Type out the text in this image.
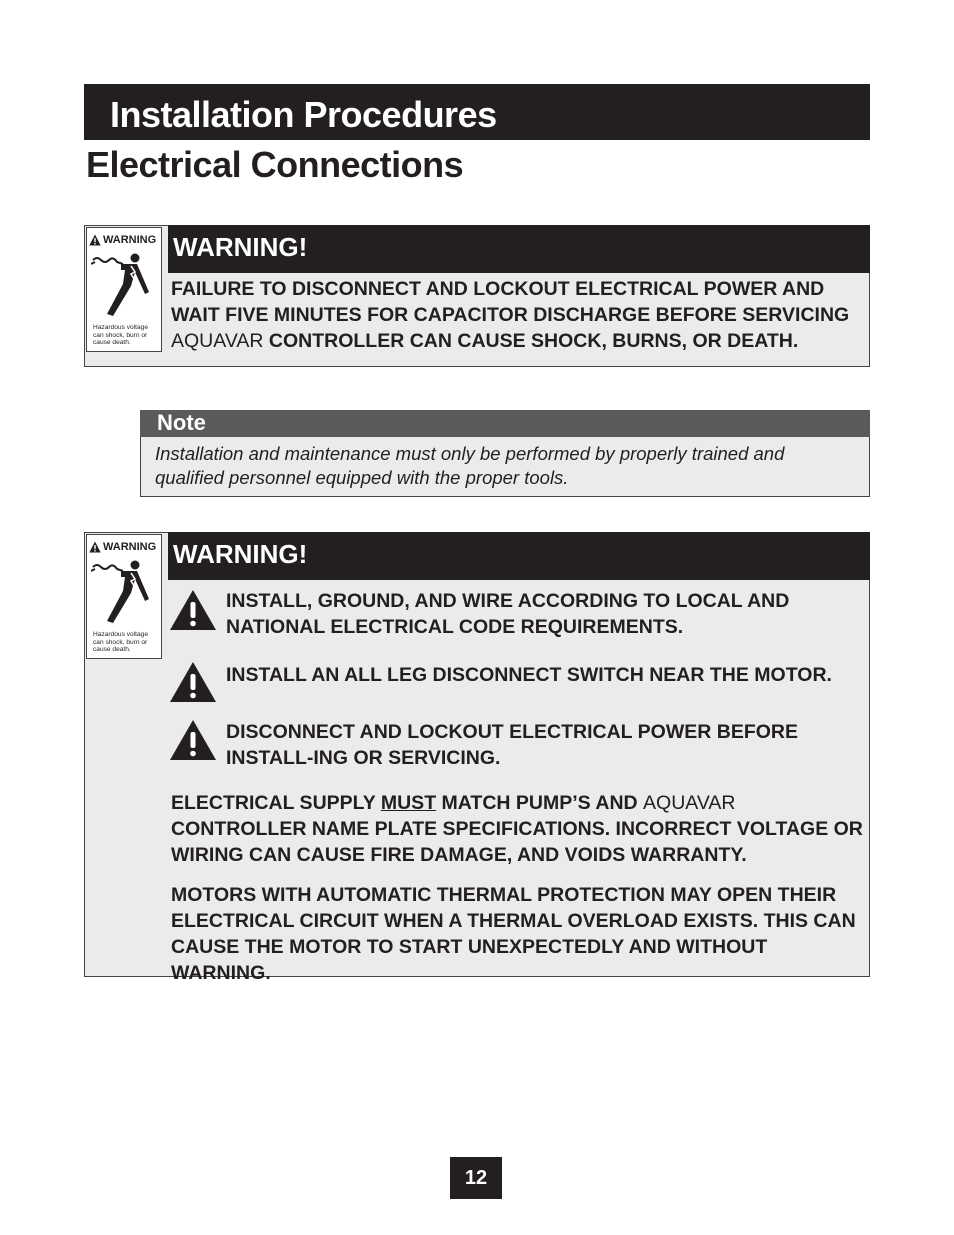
Installation Procedures
Electrical Connections
WARNING
Hazardous voltage can shock, burn or cause death.
WARNING!
FAILURE TO DISCONNECT AND LOCKOUT ELECTRICAL POWER AND WAIT FIVE MINUTES FOR CAPACITOR DISCHARGE BEFORE SERVICING AQUAVAR CONTROLLER CAN CAUSE SHOCK, BURNS, OR DEATH.
Note
Installation and maintenance must only be performed by properly trained and qualified personnel equipped with the proper tools.
WARNING
Hazardous voltage can shock, burn or cause death.
WARNING!
INSTALL, GROUND, AND WIRE ACCORDING TO LOCAL AND NATIONAL ELECTRICAL CODE REQUIREMENTS.
INSTALL AN ALL LEG DISCONNECT SWITCH NEAR THE MOTOR.
DISCONNECT AND LOCKOUT ELECTRICAL POWER BEFORE INSTALL-ING OR SERVICING.
ELECTRICAL SUPPLY MUST MATCH PUMP’S AND AQUAVAR CONTROLLER NAME PLATE SPECIFICATIONS. INCORRECT VOLTAGE OR WIRING CAN CAUSE FIRE DAMAGE, AND VOIDS WARRANTY.
MOTORS WITH AUTOMATIC THERMAL PROTECTION MAY OPEN THEIR ELECTRICAL CIRCUIT WHEN A THERMAL OVERLOAD EXISTS. THIS CAN CAUSE THE MOTOR TO START UNEXPECTEDLY AND WITHOUT WARNING.
12
